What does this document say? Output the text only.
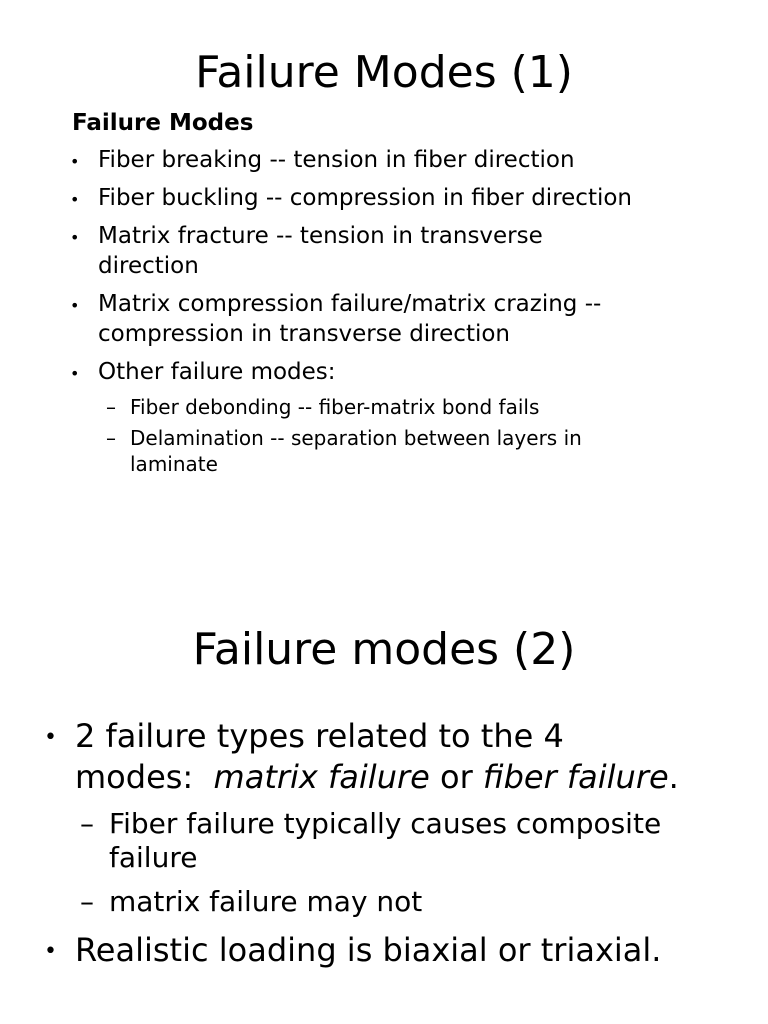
Failure Modes (1)
Failure Modes
• Fiber breaking -- tension in fiber direction
• Fiber buckling -- compression in fiber direction
• Matrix fracture -- tension in transverse
direction
• Matrix compression failure/matrix crazing --
compression in transverse direction
• Other failure modes:
– Fiber debonding -- fiber-matrix bond fails
– Delamination -- separation between layers in
laminate
Failure modes (2)
• 2 failure types related to the 4
modes:  matrix failure or fiber failure.
– Fiber failure typically causes composite
failure
– matrix failure may not
• Realistic loading is biaxial or triaxial.
